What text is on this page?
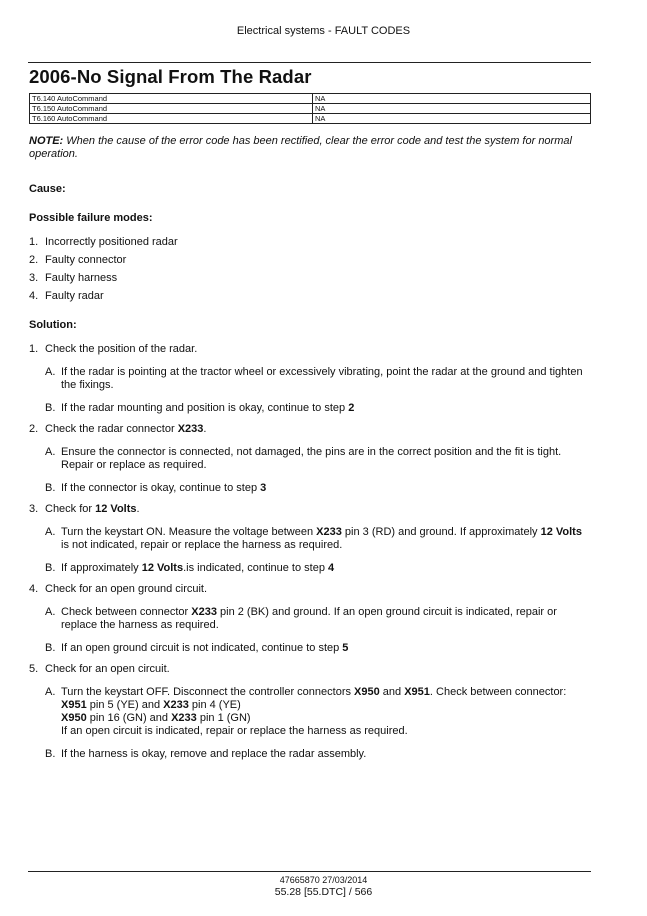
Electrical systems - FAULT CODES
2006-No Signal From The Radar
T6.140 AutoCommand	NA
T6.150 AutoCommand	NA
T6.160 AutoCommand	NA

NOTE: When the cause of the error code has been rectified, clear the error code and test the system for normal operation.

Cause:

Possible failure modes:

1. Incorrectly positioned radar
2. Faulty connector
3. Faulty harness
4. Faulty radar

Solution:

1. Check the position of the radar.
A. If the radar is pointing at the tractor wheel or excessively vibrating, point the radar at the ground and tighten the fixings.
B. If the radar mounting and position is okay, continue to step 2
2. Check the radar connector X233.
A. Ensure the connector is connected, not damaged, the pins are in the correct position and the fit is tight. Repair or replace as required.
B. If the connector is okay, continue to step 3
3. Check for 12 Volts.
A. Turn the keystart ON. Measure the voltage between X233 pin 3 (RD) and ground. If approximately 12 Volts is not indicated, repair or replace the harness as required.
B. If approximately 12 Volts.is indicated, continue to step 4
4. Check for an open ground circuit.
A. Check between connector X233 pin 2 (BK) and ground. If an open ground circuit is indicated, repair or replace the harness as required.
B. If an open ground circuit is not indicated, continue to step 5
5. Check for an open circuit.
A. Turn the keystart OFF. Disconnect the controller connectors X950 and X951. Check between connector:
X951 pin 5 (YE) and X233 pin 4 (YE)
X950 pin 16 (GN) and X233 pin 1 (GN)
If an open circuit is indicated, repair or replace the harness as required.
B. If the harness is okay, remove and replace the radar assembly.
47665870 27/03/2014
55.28 [55.DTC] / 566
